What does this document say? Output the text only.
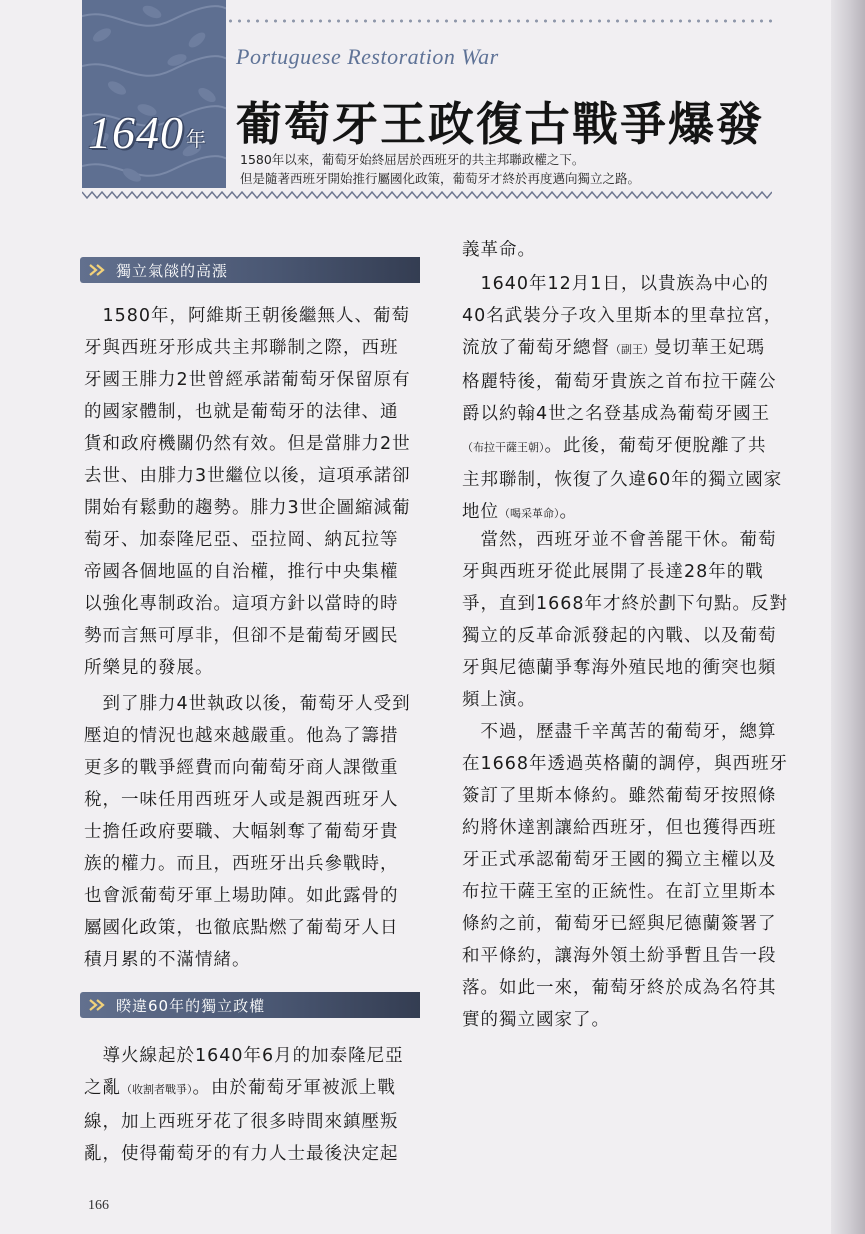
1640 年
Portuguese Restoration War
葡萄牙王政復古戰爭爆發
1580年以來，葡萄牙始終屈居於西班牙的共主邦聯政權之下。
但是隨著西班牙開始推行屬國化政策，葡萄牙才終於再度邁向獨立之路。
獨立氣燄的高漲
　1580年，阿維斯王朝後繼無人、葡萄
牙與西班牙形成共主邦聯制之際，西班
牙國王腓力2世曾經承諾葡萄牙保留原有
的國家體制，也就是葡萄牙的法律、通
貨和政府機關仍然有效。但是當腓力2世
去世、由腓力3世繼位以後，這項承諾卻
開始有鬆動的趨勢。腓力3世企圖縮減葡
萄牙、加泰隆尼亞、亞拉岡、納瓦拉等
帝國各個地區的自治權，推行中央集權
以強化專制政治。這項方針以當時的時
勢而言無可厚非，但卻不是葡萄牙國民
所樂見的發展。
　到了腓力4世執政以後，葡萄牙人受到
壓迫的情況也越來越嚴重。他為了籌措
更多的戰爭經費而向葡萄牙商人課徵重
稅，一味任用西班牙人或是親西班牙人
士擔任政府要職、大幅剝奪了葡萄牙貴
族的權力。而且，西班牙出兵參戰時，
也會派葡萄牙軍上場助陣。如此露骨的
屬國化政策，也徹底點燃了葡萄牙人日
積月累的不滿情緒。
睽違60年的獨立政權
　導火線起於1640年6月的加泰隆尼亞
之亂（收割者戰爭）。由於葡萄牙軍被派上戰
線，加上西班牙花了很多時間來鎮壓叛
亂，使得葡萄牙的有力人士最後決定起
義革命。
　1640年12月1日，以貴族為中心的
40名武裝分子攻入里斯本的里韋拉宮，
流放了葡萄牙總督（副王）曼切華王妃瑪
格麗特後，葡萄牙貴族之首布拉干薩公
爵以約翰4世之名登基成為葡萄牙國王
（布拉干薩王朝）。此後，葡萄牙便脫離了共
主邦聯制，恢復了久違60年的獨立國家
地位（喝采革命）。
　當然，西班牙並不會善罷干休。葡萄
牙與西班牙從此展開了長達28年的戰
爭，直到1668年才終於劃下句點。反對
獨立的反革命派發起的內戰、以及葡萄
牙與尼德蘭爭奪海外殖民地的衝突也頻
頻上演。
　不過，歷盡千辛萬苦的葡萄牙，總算
在1668年透過英格蘭的調停，與西班牙
簽訂了里斯本條約。雖然葡萄牙按照條
約將休達割讓給西班牙，但也獲得西班
牙正式承認葡萄牙王國的獨立主權以及
布拉干薩王室的正統性。在訂立里斯本
條約之前，葡萄牙已經與尼德蘭簽署了
和平條約，讓海外領土紛爭暫且告一段
落。如此一來，葡萄牙終於成為名符其
實的獨立國家了。
166
